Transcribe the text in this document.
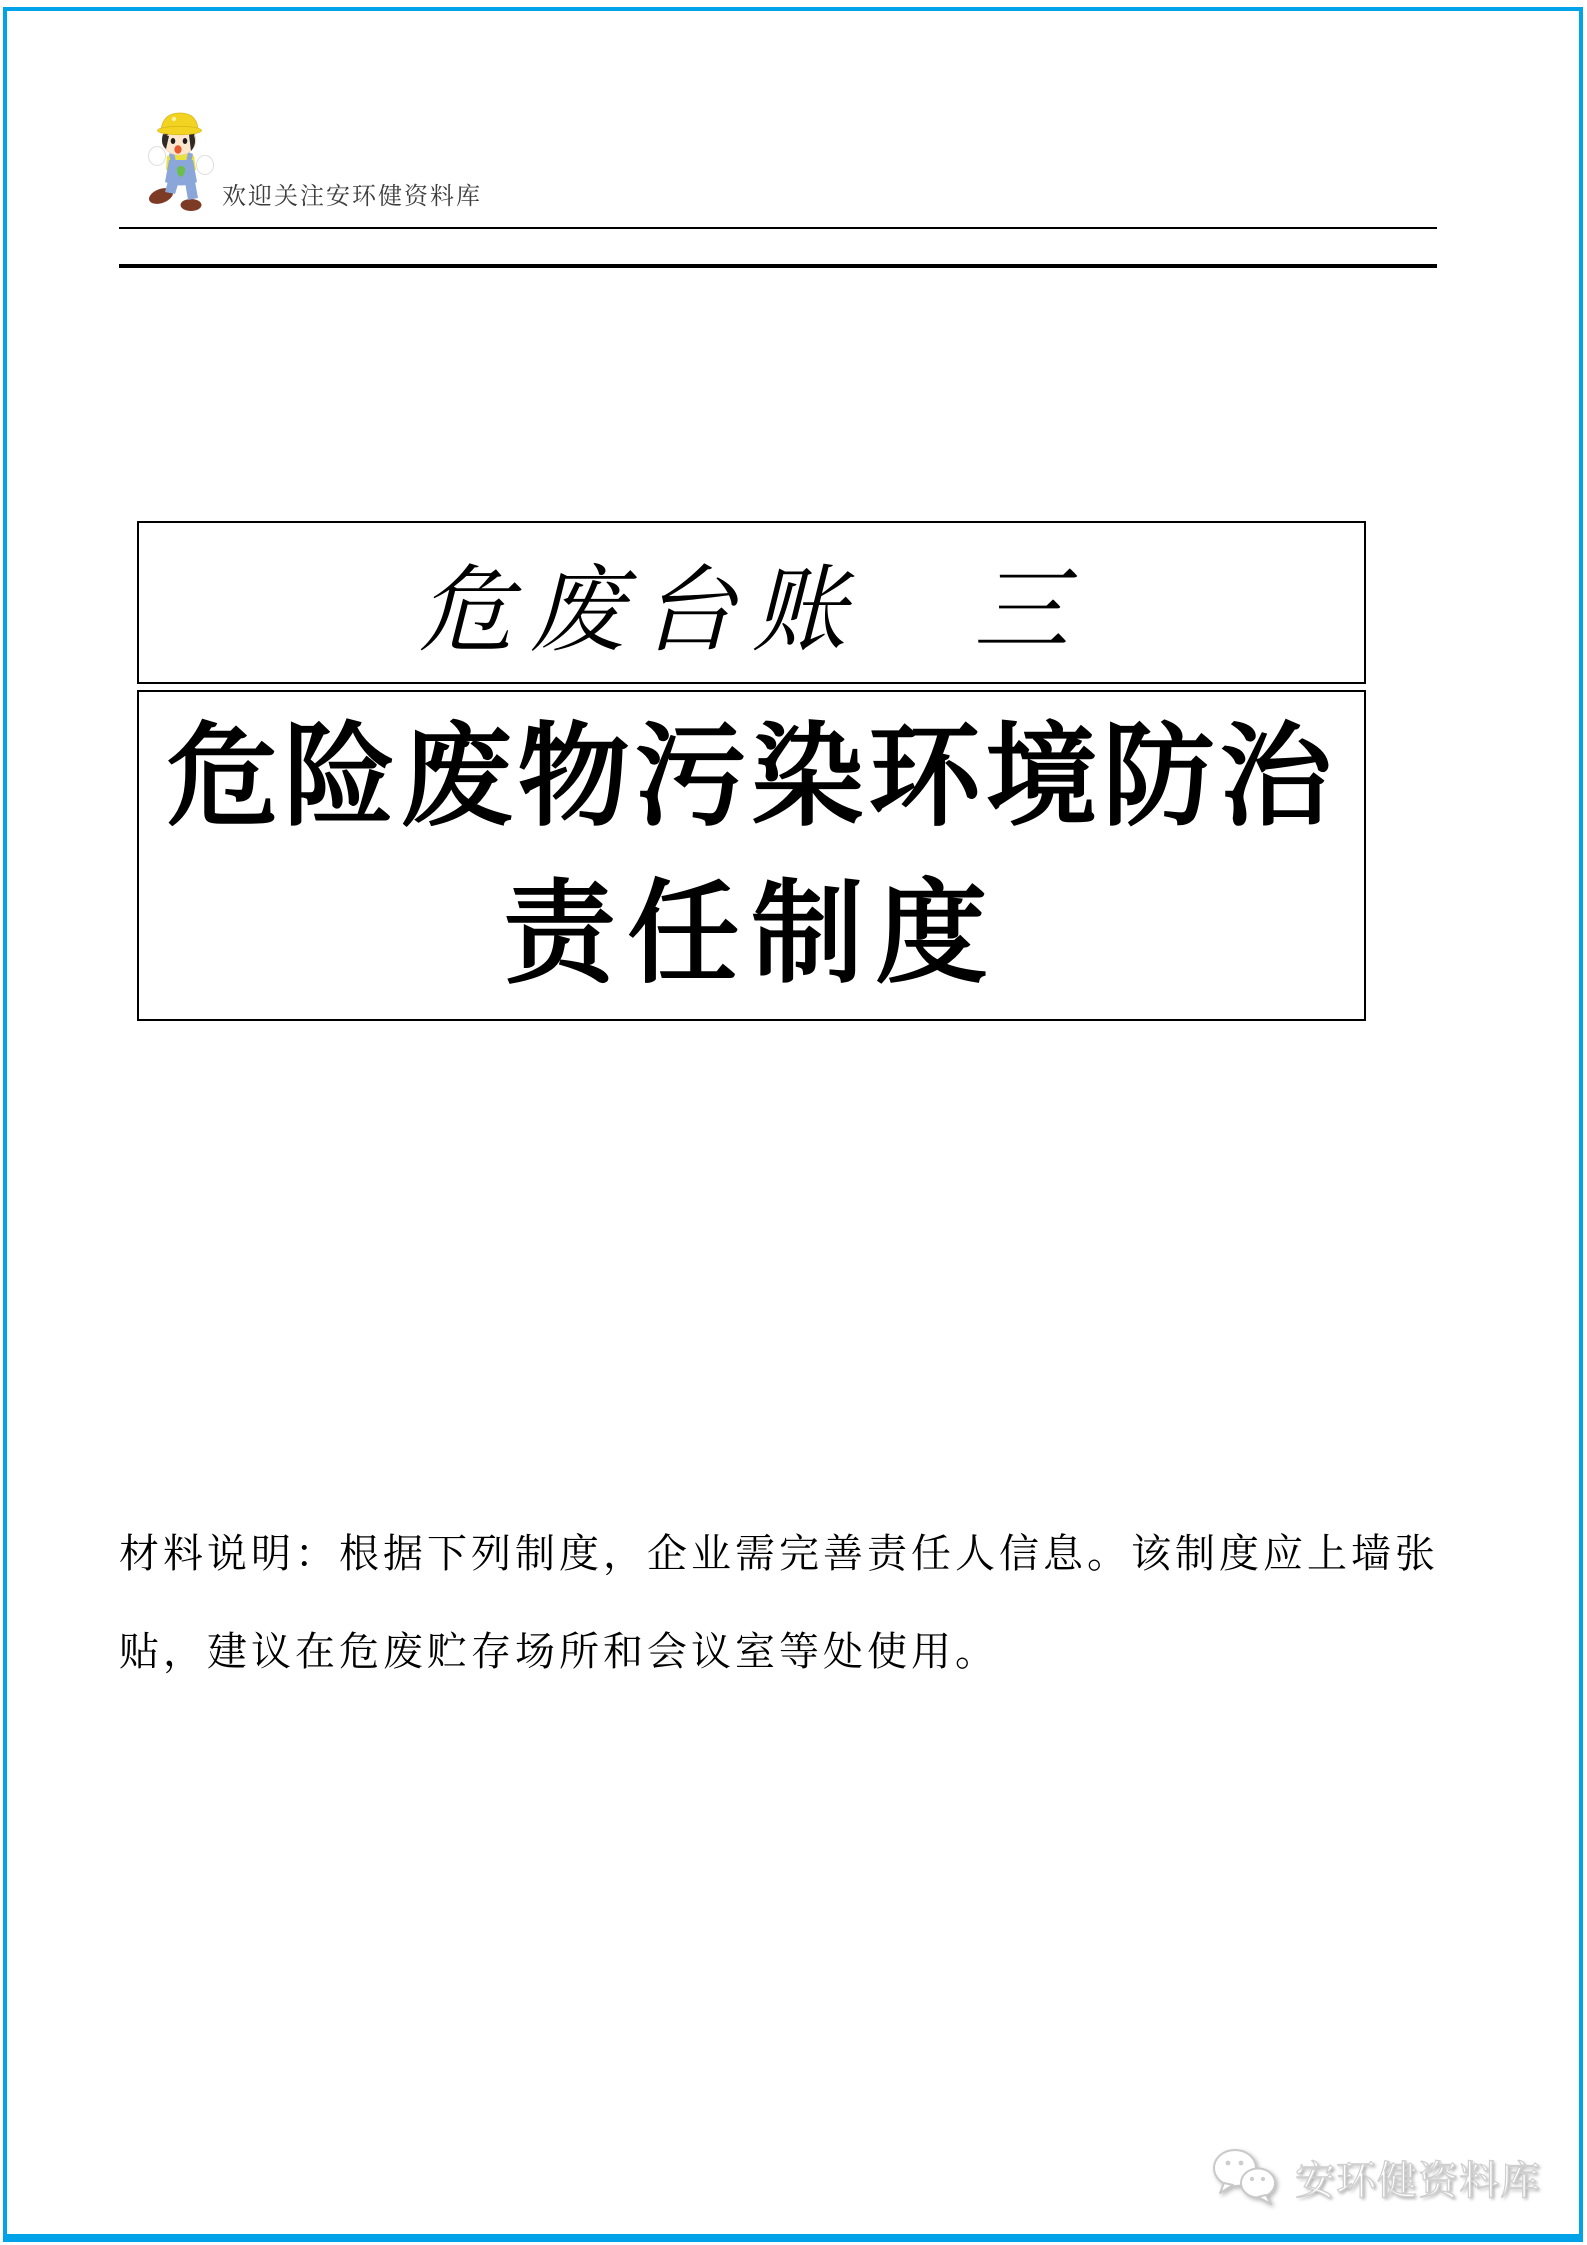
欢迎关注安环健资料库
危废台账　三
危险废物污染环境防治
责任制度

材料说明：根据下列制度，企业需完善责任人信息。该制度应上墙张

贴，建议在危废贮存场所和会议室等处使用。

安环健资料库
